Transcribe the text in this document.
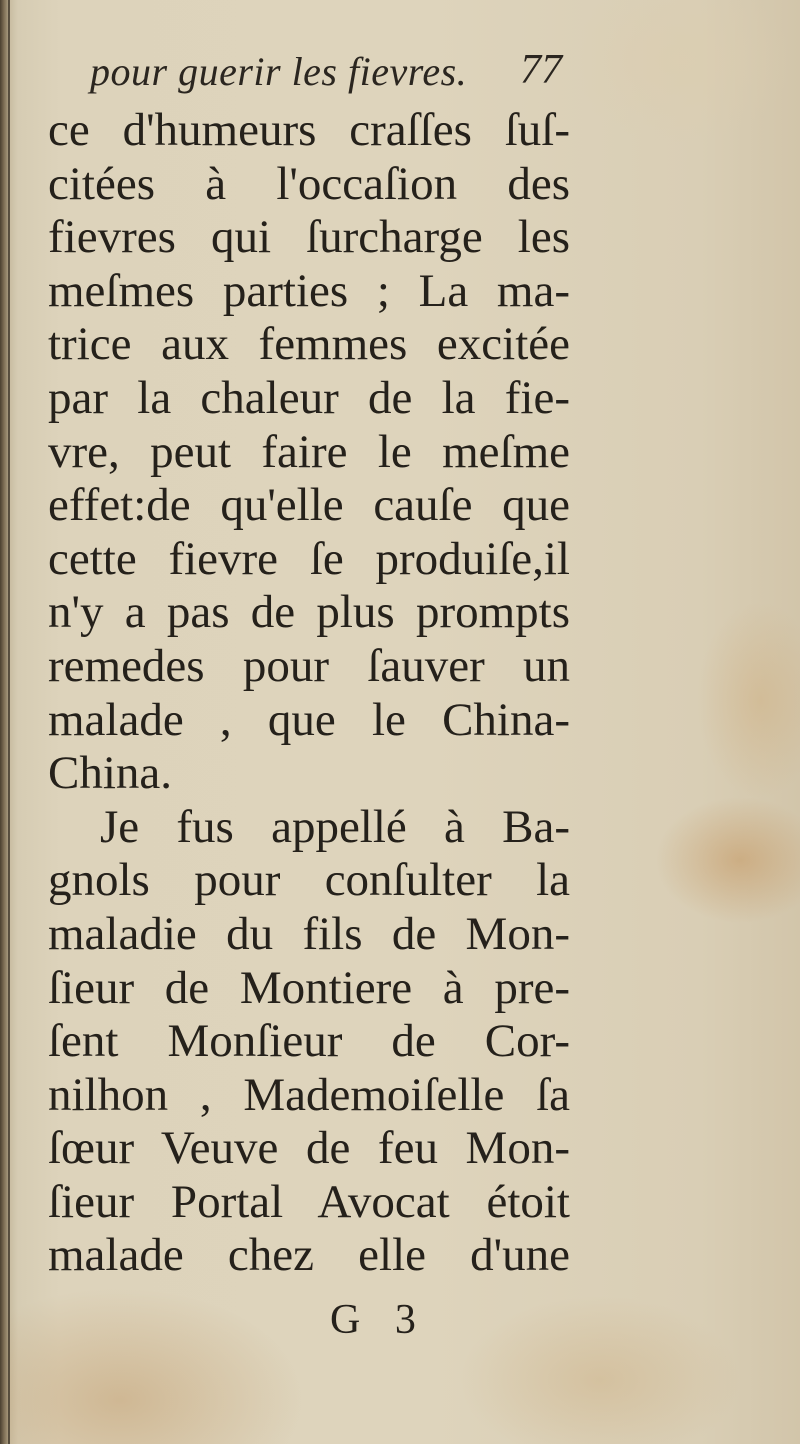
pour guerir les fievres. 77
ce d'humeurs craſſes ſuſ-
citées à l'occaſion des
fievres qui ſurcharge les
meſmes parties ; La ma-
trice aux femmes excitée
par la chaleur de la fie-
vre, peut faire le meſme
effet:de qu'elle cauſe que
cette fievre ſe produiſe,il
n'y a pas de plus prompts
remedes pour ſauver un
malade , que le China-
China.
Je fus appellé à Ba-
gnols pour conſulter la
maladie du fils de Mon-
ſieur de Montiere à pre-
ſent Monſieur de Cor-
nilhon , Mademoiſelle ſa
ſœur Veuve de feu Mon-
ſieur Portal Avocat étoit
malade chez elle d'une
G 3
